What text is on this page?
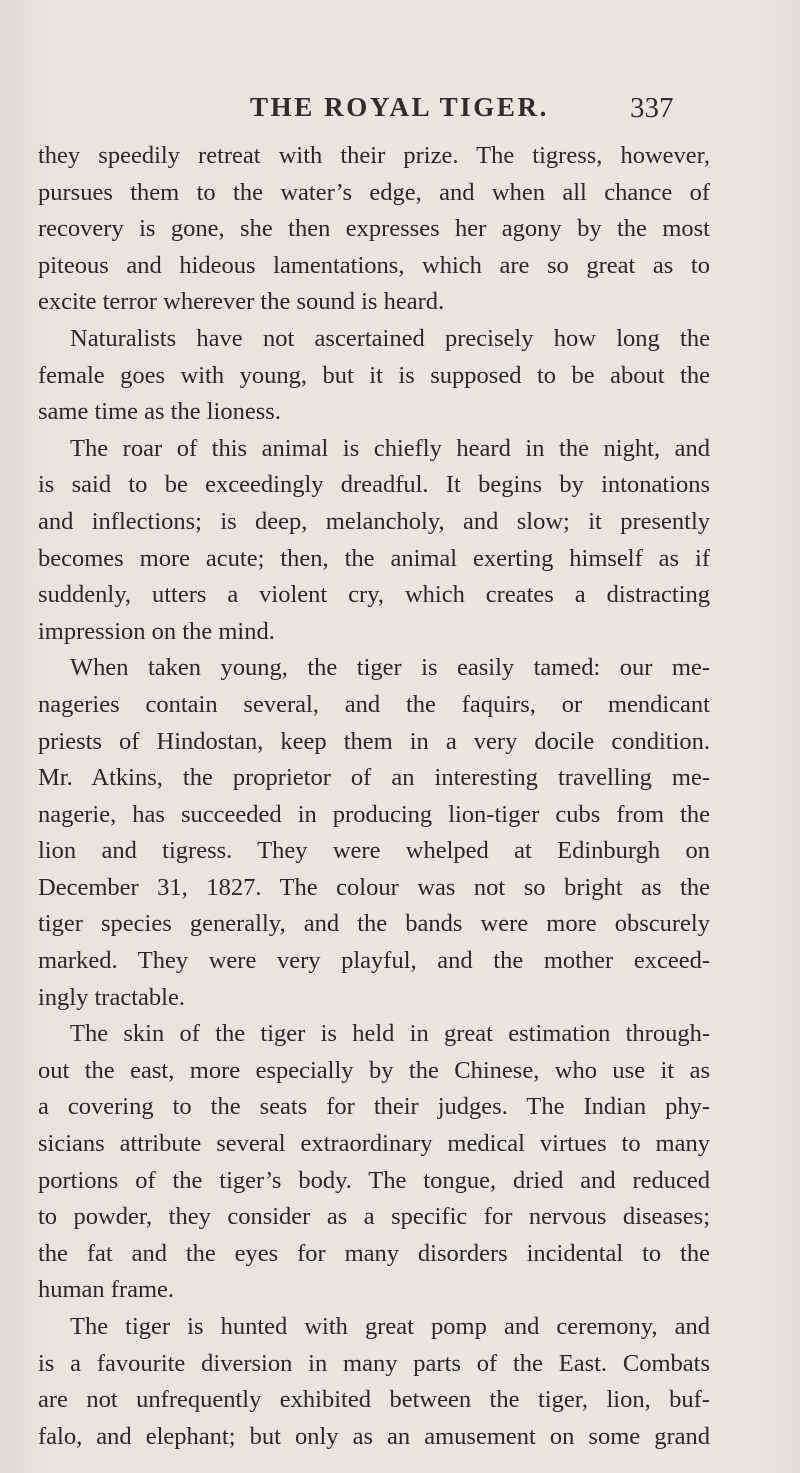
THE ROYAL TIGER.	337
they speedily retreat with their prize. The tigress, however,
pursues them to the water’s edge, and when all chance of
recovery is gone, she then expresses her agony by the most
piteous and hideous lamentations, which are so great as to
excite terror wherever the sound is heard.
Naturalists have not ascertained precisely how long the
female goes with young, but it is supposed to be about the
same time as the lioness.
The roar of this animal is chiefly heard in the night, and
is said to be exceedingly dreadful. It begins by intonations
and inflections; is deep, melancholy, and slow; it presently
becomes more acute; then, the animal exerting himself as if
suddenly, utters a violent cry, which creates a distracting
impression on the mind.
When taken young, the tiger is easily tamed: our me-
nageries contain several, and the faquirs, or mendicant
priests of Hindostan, keep them in a very docile condition.
Mr. Atkins, the proprietor of an interesting travelling me-
nagerie, has succeeded in producing lion-tiger cubs from the
lion and tigress. They were whelped at Edinburgh on
December 31, 1827. The colour was not so bright as the
tiger species generally, and the bands were more obscurely
marked. They were very playful, and the mother exceed-
ingly tractable.
The skin of the tiger is held in great estimation through-
out the east, more especially by the Chinese, who use it as
a covering to the seats for their judges. The Indian phy-
sicians attribute several extraordinary medical virtues to many
portions of the tiger’s body. The tongue, dried and reduced
to powder, they consider as a specific for nervous diseases;
the fat and the eyes for many disorders incidental to the
human frame.
The tiger is hunted with great pomp and ceremony, and
is a favourite diversion in many parts of the East. Combats
are not unfrequently exhibited between the tiger, lion, buf-
falo, and elephant; but only as an amusement on some grand
